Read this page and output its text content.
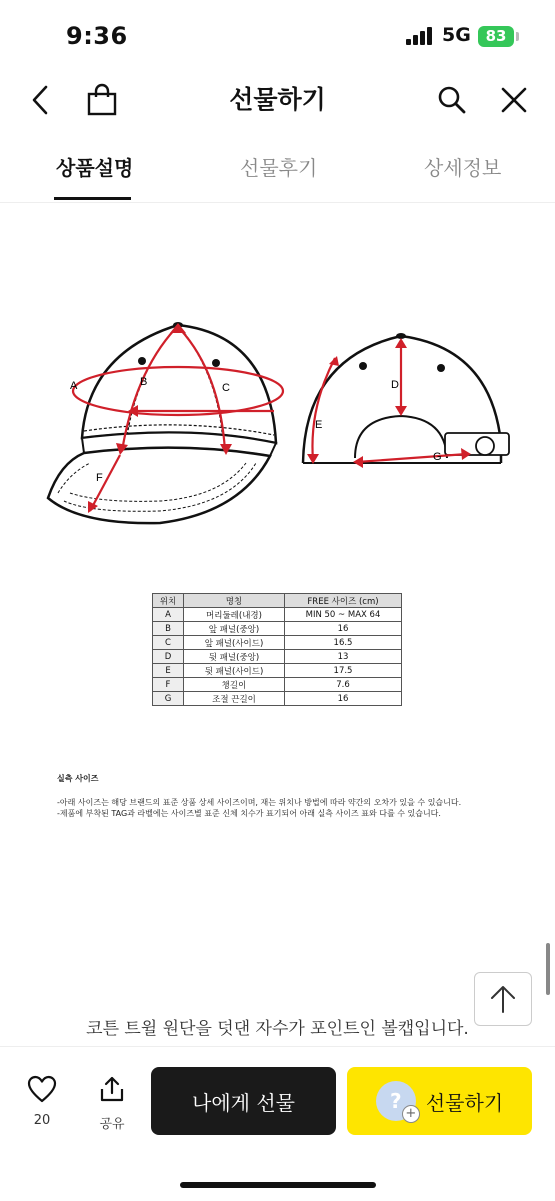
9:36	5G 83
선물하기
상품설명	선물후기	상세정보
A	B	C
F
D
E
G
위치	명칭	FREE 사이즈 (cm)
A	머리둘레(내경)	MIN 50 ~ MAX 64
B	앞 패널(중앙)	16
C	앞 패널(사이드)	16.5
D	뒷 패널(중앙)	13
E	뒷 패널(사이드)	17.5
F	챙길이	7.6
G	조절 끈길이	16
실측 사이즈
-아래 사이즈는 해당 브랜드의 표준 상품 상세 사이즈이며, 재는 위치나 방법에 따라 약간의 오차가 있을 수 있습니다.
-제품에 부착된 TAG과 라벨에는 사이즈별 표준 신체 치수가 표기되어 아래 실측 사이즈 표와 다를 수 있습니다.
코튼 트윌 원단을 덧댄 자수가 포인트인 볼캡입니다.
20	공유
나에게 선물	?
+ 선물하기
